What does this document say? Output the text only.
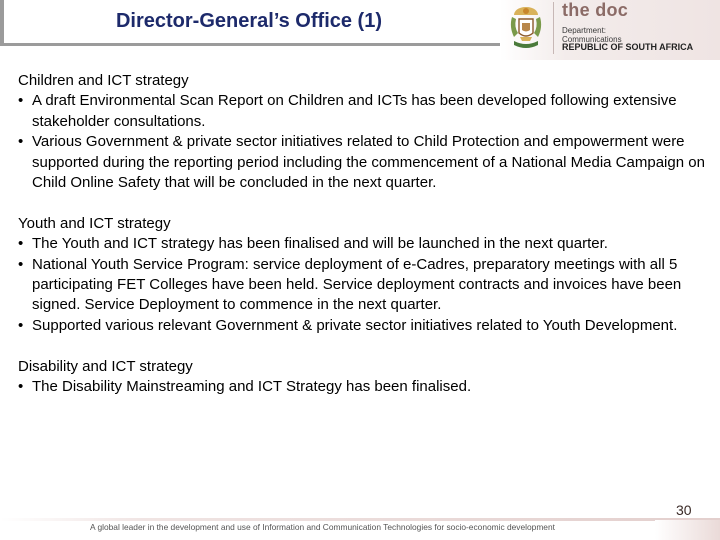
Director-General’s Office (1)	the doc
Department:
Communications
REPUBLIC OF SOUTH AFRICA
Children and ICT strategy
• A draft Environmental Scan Report on Children and ICTs has been developed following extensive stakeholder consultations.
• Various Government & private sector initiatives related to Child Protection and empowerment were supported during the reporting period including the commencement of a National Media Campaign on Child Online Safety that will be concluded in the next quarter.
Youth and ICT strategy
• The Youth and ICT strategy has been finalised and will be launched in the next quarter.
• National Youth Service Program: service deployment of e-Cadres, preparatory meetings with all 5 participating FET Colleges have been held. Service deployment contracts and invoices have been signed. Service Deployment to commence in the next quarter.
• Supported various relevant Government & private sector initiatives related to Youth Development.
Disability and ICT strategy
• The Disability Mainstreaming and ICT Strategy has been finalised.
30
A global leader in the development and use of Information and Communication Technologies for socio-economic development
